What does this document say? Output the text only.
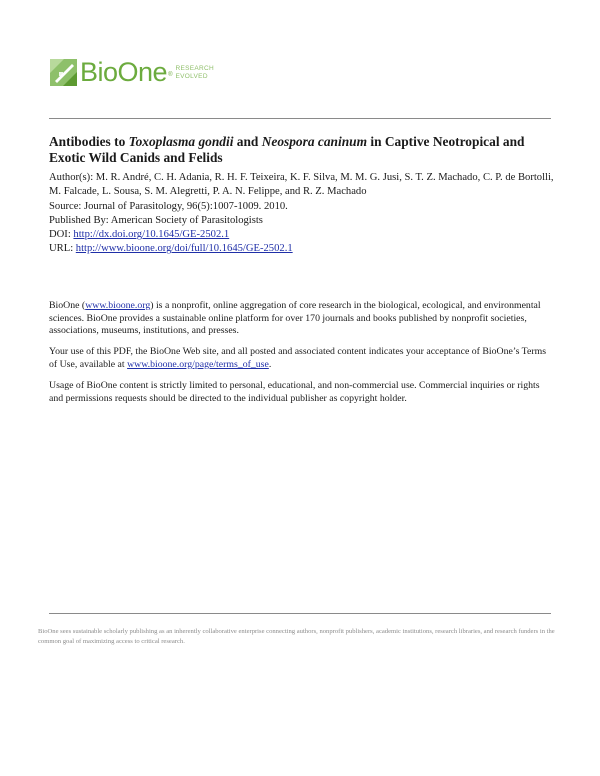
BioOne ®
RESEARCH
EVOLVED

Antibodies to Toxoplasma gondii and Neospora caninum in Captive Neotropical and Exotic Wild Canids and Felids

Author(s): M. R. André, C. H. Adania, R. H. F. Teixeira, K. F. Silva, M. M. G. Jusi, S. T. Z. Machado, C. P. de Bortolli, M. Falcade, L. Sousa, S. M. Alegretti, P. A. N. Felippe, and R. Z. Machado

Source: Journal of Parasitology, 96(5):1007-1009. 2010.

Published By: American Society of Parasitologists

DOI: http://dx.doi.org/10.1645/GE-2502.1

URL: http://www.bioone.org/doi/full/10.1645/GE-2502.1

BioOne (www.bioone.org) is a nonprofit, online aggregation of core research in the biological, ecological, and environmental sciences. BioOne provides a sustainable online platform for over 170 journals and books published by nonprofit societies, associations, museums, institutions, and presses.

Your use of this PDF, the BioOne Web site, and all posted and associated content indicates your acceptance of BioOne’s Terms of Use, available at www.bioone.org/page/terms_of_use.

Usage of BioOne content is strictly limited to personal, educational, and non-commercial use. Commercial inquiries or rights and permissions requests should be directed to the individual publisher as copyright holder.

BioOne sees sustainable scholarly publishing as an inherently collaborative enterprise connecting authors, nonprofit publishers, academic institutions, research libraries, and research funders in the common goal of maximizing access to critical research.
